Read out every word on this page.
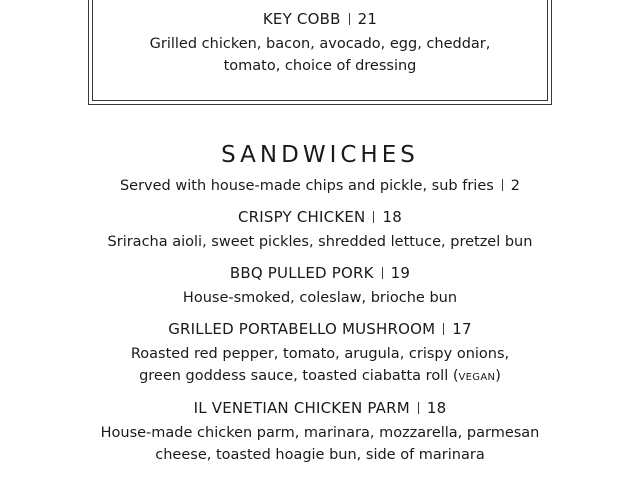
KEY COBB 21
Grilled chicken, bacon, avocado, egg, cheddar,
tomato, choice of dressing
SANDWICHES
Served with house-made chips and pickle, sub fries 2
CRISPY CHICKEN 18
Sriracha aioli, sweet pickles, shredded lettuce, pretzel bun
BBQ PULLED PORK 19
House-smoked, coleslaw, brioche bun
GRILLED PORTABELLO MUSHROOM 17
Roasted red pepper, tomato, arugula, crispy onions,
green goddess sauce, toasted ciabatta roll (VEGAN)
IL VENETIAN CHICKEN PARM 18
House-made chicken parm, marinara, mozzarella, parmesan
cheese, toasted hoagie bun, side of marinara
